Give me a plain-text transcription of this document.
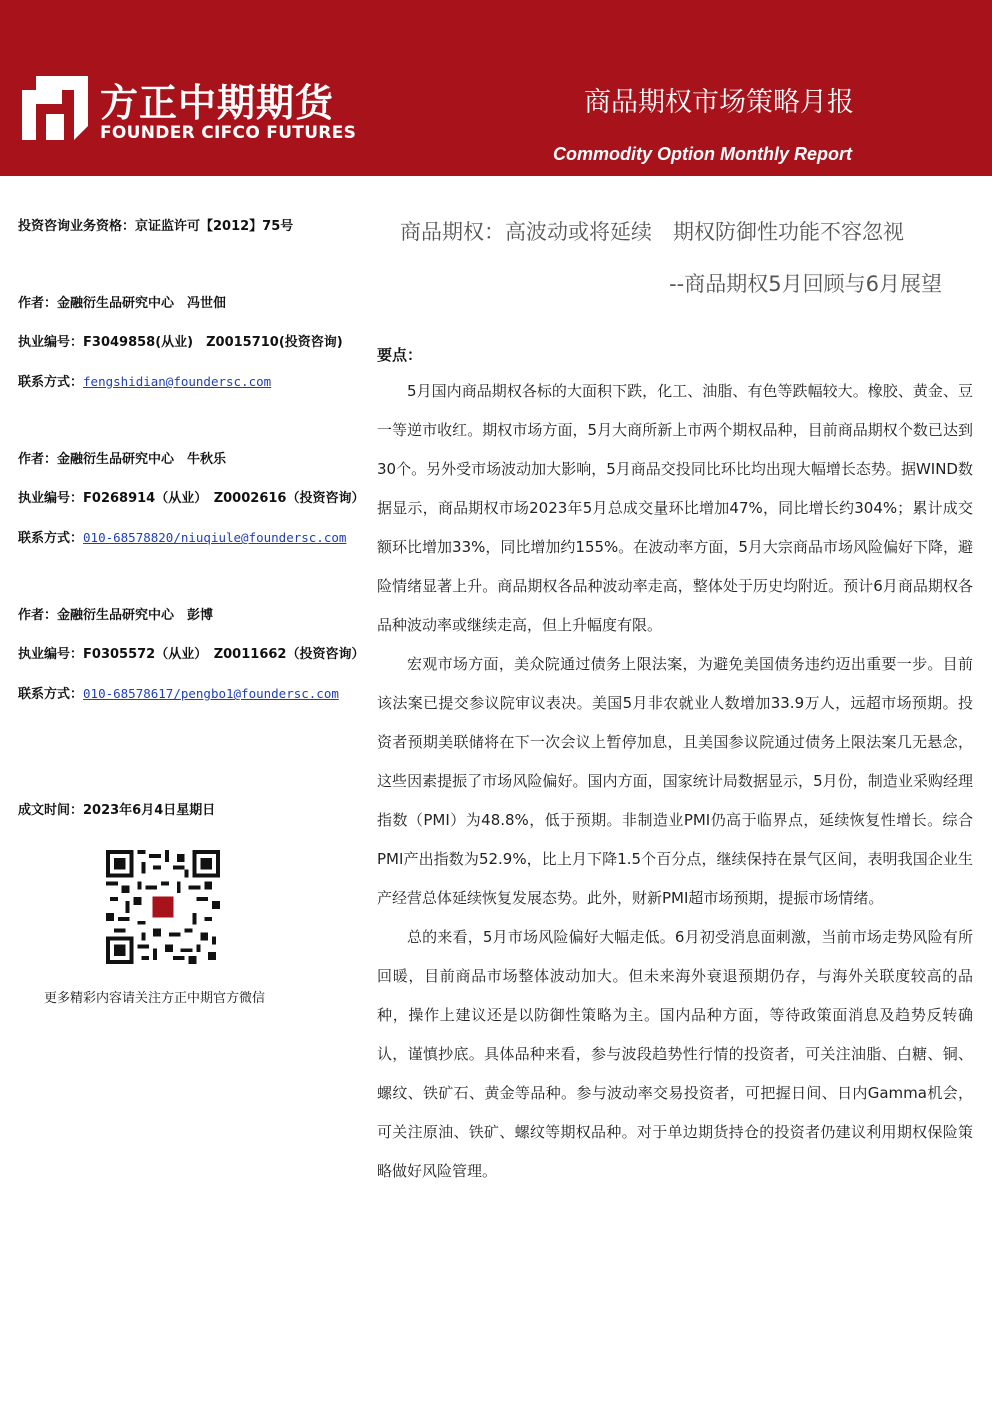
方正中期期货
FOUNDER CIFCO FUTURES
商品期权市场策略月报
Commodity Option Monthly Report
投资咨询业务资格：京证监许可【2012】75号
作者：金融衍生品研究中心　冯世佃
执业编号：F3049858(从业)　Z0015710(投资咨询)
联系方式：fengshidian@foundersc.com
作者：金融衍生品研究中心　牛秋乐
执业编号：F0268914（从业）　Z0002616（投资咨询）
联系方式：010-68578820/niuqiule@foundersc.com
作者：金融衍生品研究中心　彭博
执业编号：F0305572（从业）　Z0011662（投资咨询）
联系方式：010-68578617/pengbo1@foundersc.com
成文时间：2023年6月4日星期日
更多精彩内容请关注方正中期官方微信
商品期权：高波动或将延续　期权防御性功能不容忽视
--商品期权5月回顾与6月展望
要点：

5月国内商品期权各标的大面积下跌，化工、油脂、有色等跌幅较大。橡胶、黄金、豆一等逆市收红。期权市场方面，5月大商所新上市两个期权品种，目前商品期权个数已达到30个。另外受市场波动加大影响，5月商品交投同比环比均出现大幅增长态势。据WIND数据显示，商品期权市场2023年5月总成交量环比增加47%，同比增长约304%；累计成交额环比增加33%，同比增加约155%。在波动率方面，5月大宗商品市场风险偏好下降，避险情绪显著上升。商品期权各品种波动率走高，整体处于历史均附近。预计6月商品期权各品种波动率或继续走高，但上升幅度有限。

宏观市场方面，美众院通过债务上限法案，为避免美国债务违约迈出重要一步。目前该法案已提交参议院审议表决。美国5月非农就业人数增加33.9万人，远超市场预期。投资者预期美联储将在下一次会议上暂停加息，且美国参议院通过债务上限法案几无悬念，这些因素提振了市场风险偏好。国内方面，国家统计局数据显示，5月份，制造业采购经理指数（PMI）为48.8%，低于预期。非制造业PMI仍高于临界点，延续恢复性增长。综合PMI产出指数为52.9%，比上月下降1.5个百分点，继续保持在景气区间，表明我国企业生产经营总体延续恢复发展态势。此外，财新PMI超市场预期，提振市场情绪。

总的来看，5月市场风险偏好大幅走低。6月初受消息面刺激，当前市场走势风险有所回暖，目前商品市场整体波动加大。但未来海外衰退预期仍存，与海外关联度较高的品种，操作上建议还是以防御性策略为主。国内品种方面，等待政策面消息及趋势反转确认，谨慎抄底。具体品种来看，参与波段趋势性行情的投资者，可关注油脂、白糖、铜、螺纹、铁矿石、黄金等品种。参与波动率交易投资者，可把握日间、日内Gamma机会，可关注原油、铁矿、螺纹等期权品种。对于单边期货持仓的投资者仍建议利用期权保险策略做好风险管理。
